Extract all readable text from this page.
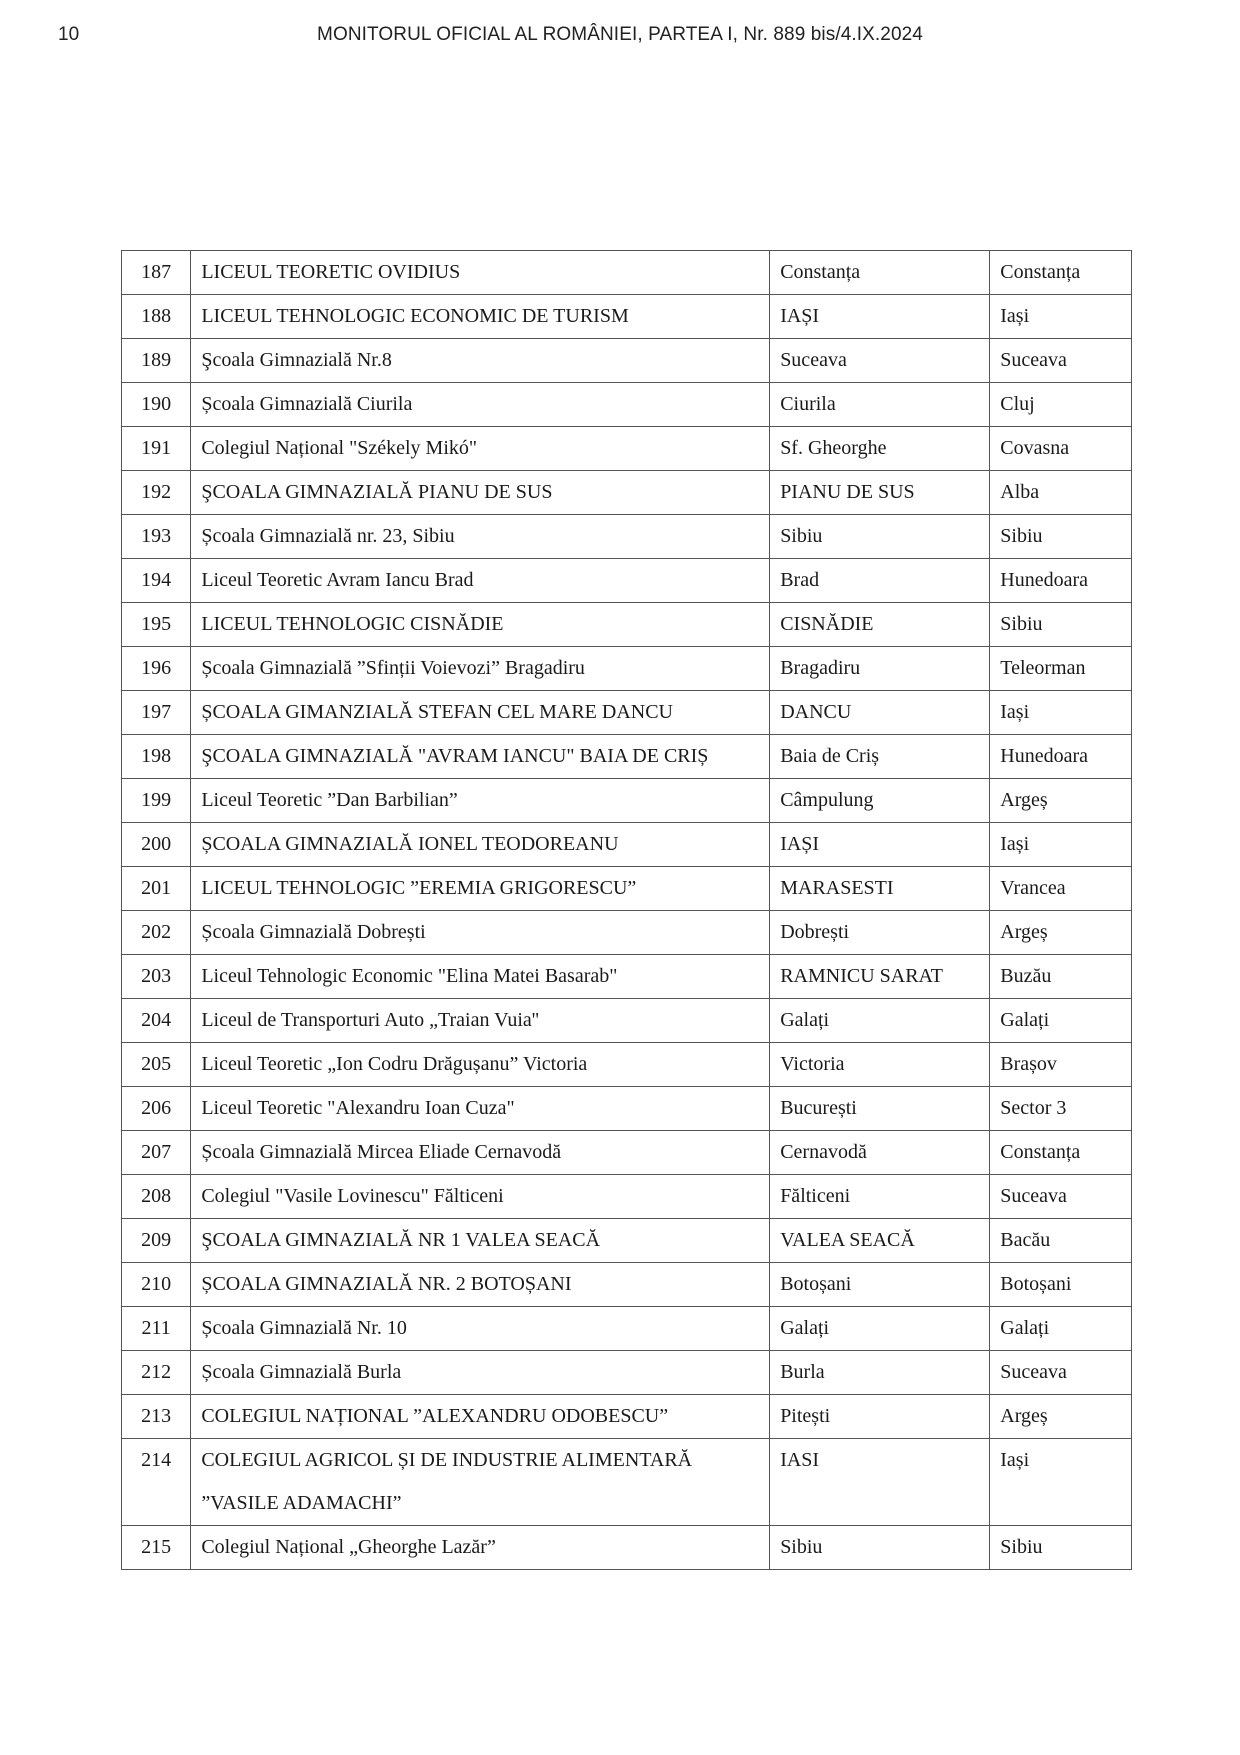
10	MONITORUL OFICIAL AL ROMÂNIEI, PARTEA I, Nr. 889 bis/4.IX.2024
187	LICEUL TEORETIC OVIDIUS	Constanța	Constanța
188	LICEUL TEHNOLOGIC ECONOMIC DE TURISM	IAȘI	Iași
189	Şcoala Gimnazială Nr.8	Suceava	Suceava
190	Școala Gimnazială Ciurila	Ciurila	Cluj
191	Colegiul Național "Székely Mikó"	Sf. Gheorghe	Covasna
192	ŞCOALA GIMNAZIALĂ PIANU DE SUS	PIANU DE SUS	Alba
193	Școala Gimnazială nr. 23, Sibiu	Sibiu	Sibiu
194	Liceul Teoretic Avram Iancu Brad	Brad	Hunedoara
195	LICEUL TEHNOLOGIC CISNĂDIE	CISNĂDIE	Sibiu
196	Școala Gimnazială ”Sfinții Voievozi” Bragadiru	Bragadiru	Teleorman
197	ȘCOALA GIMANZIALĂ STEFAN CEL MARE DANCU	DANCU	Iași
198	ŞCOALA GIMNAZIALĂ "AVRAM IANCU" BAIA DE CRIȘ	Baia de Criș	Hunedoara
199	Liceul Teoretic ”Dan Barbilian”	Câmpulung	Argeș
200	ȘCOALA GIMNAZIALĂ IONEL TEODOREANU	IAȘI	Iași
201	LICEUL TEHNOLOGIC ”EREMIA GRIGORESCU”	MARASESTI	Vrancea
202	Școala Gimnazială Dobrești	Dobrești	Argeș
203	Liceul Tehnologic Economic "Elina Matei Basarab"	RAMNICU SARAT	Buzău
204	Liceul de Transporturi Auto „Traian Vuia''	Galați	Galați
205	Liceul Teoretic „Ion Codru Drăgușanu” Victoria	Victoria	Brașov
206	Liceul Teoretic "Alexandru Ioan Cuza"	București	Sector 3
207	Școala Gimnazială Mircea Eliade Cernavodă	Cernavodă	Constanța
208	Colegiul "Vasile Lovinescu" Fălticeni	Fălticeni	Suceava
209	ŞCOALA GIMNAZIALĂ NR 1 VALEA SEACĂ	VALEA SEACĂ	Bacău
210	ȘCOALA GIMNAZIALĂ NR. 2 BOTOȘANI	Botoșani	Botoșani
211	Școala Gimnazială Nr. 10	Galați	Galați
212	Școala Gimnazială Burla	Burla	Suceava
213	COLEGIUL NAȚIONAL ”ALEXANDRU ODOBESCU”	Pitești	Argeș
214	COLEGIUL AGRICOL ȘI DE INDUSTRIE ALIMENTARĂ ”VASILE ADAMACHI”	IASI	Iași
215	Colegiul Național „Gheorghe Lazăr”	Sibiu	Sibiu
